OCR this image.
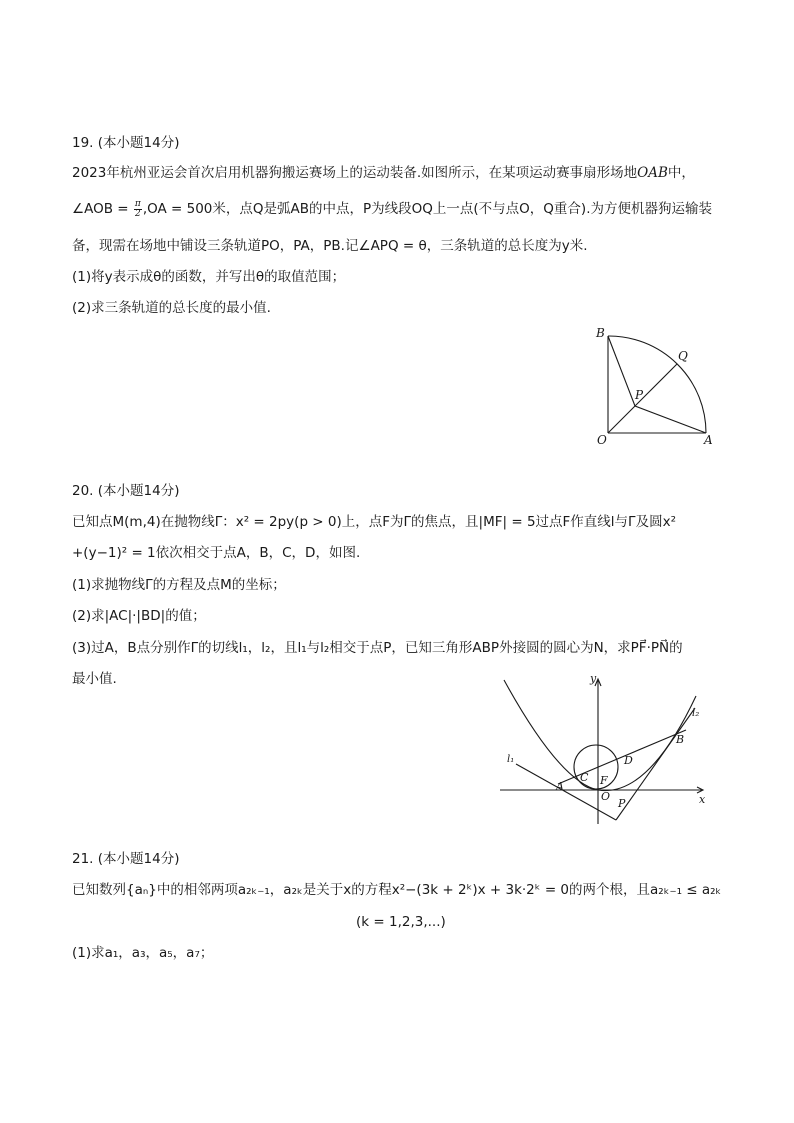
19. (本小题14分)
2023年杭州亚运会首次启用机器狗搬运赛场上的运动装备.如图所示，在某项运动赛事扇形场地OAB中，
∠AOB = $\frac{\pi}{2} ,OA = 500$米，点Q是弧AB的中点，P为线段OQ上一点(不与点O，Q重合).为方便机器狗运输装
备，现需在场地中铺设三条轨道PO，PA，PB.记∠APQ = θ，三条轨道的总长度为y米.
(1)将y表示成θ的函数，并写出θ的取值范围；
(2)求三条轨道的总长度的最小值.
B
Q
P
O	A
20. (本小题14分)
已知点M(m,4)在抛物线Γ：x² = 2py(p > 0)上，点F为Γ的焦点，且|MF| = 5过点F作直线l与Γ及圆x²
+(y−1)² = 1依次相交于点A，B，C，D，如图.
(1)求抛物线Γ的方程及点M的坐标；
(2)求|AC|·|BD|的值；
(3)过A，B点分别作Γ的切线l₁，l₂，且l₁与l₂相交于点P，已知三角形ABP外接圆的圆心为N，求PF⃗·PN⃗的
最小值.	y
x
l₁
l₂
A
B
C
D
F
O
P
21. (本小题14分)
已知数列{aₙ}中的相邻两项a₂ₖ₋₁，a₂ₖ是关于x的方程x²−(3k + 2ᵏ)x + 3k·2ᵏ = 0的两个根，且a₂ₖ₋₁ ≤ a₂ₖ
(k = 1,2,3,...)
(1)求a₁，a₃，a₅，a₇；
